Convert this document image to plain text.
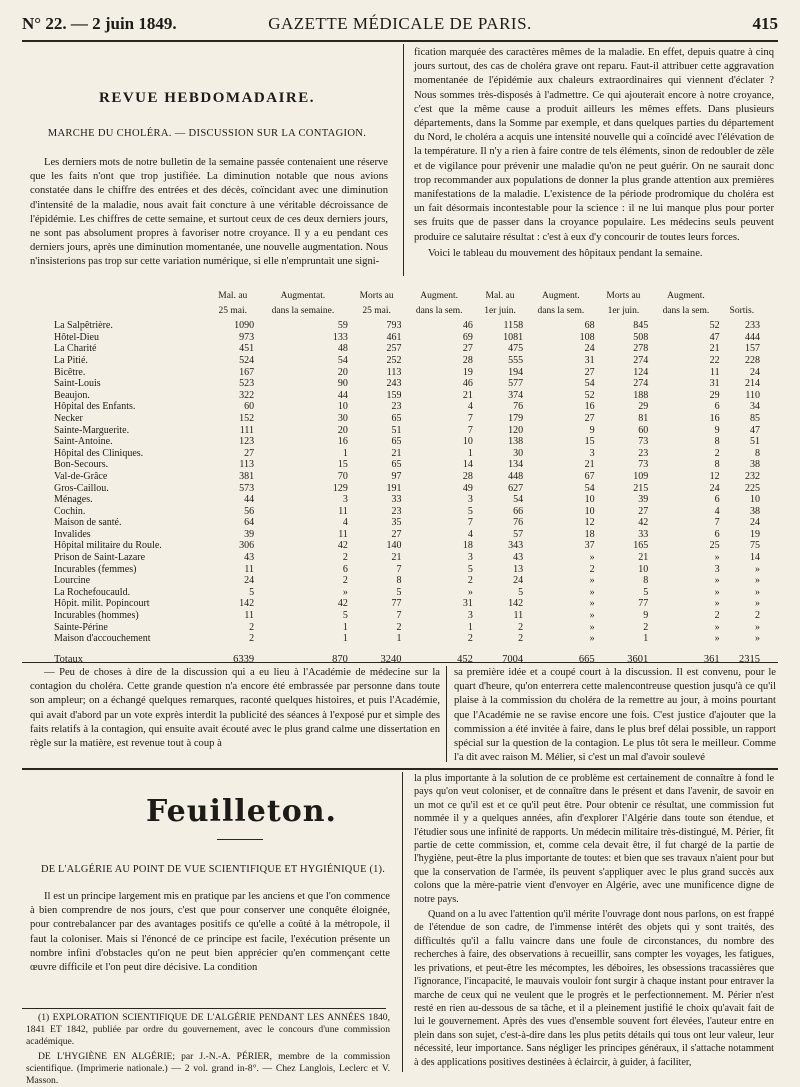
N° 22. — 2 juin 1849.	GAZETTE MÉDICALE DE PARIS.	415
REVUE HEBDOMADAIRE.
MARCHE DU CHOLÉRA. — DISCUSSION SUR LA CONTAGION.

Les derniers mots de notre bulletin de la semaine passée contenaient une réserve que les faits n'ont que trop justifiée. La diminution notable que nous avions constatée dans le chiffre des entrées et des décès, coïncidant avec une diminution d'intensité de la maladie, nous avait fait concture à une véritable décroissance de l'épidémie. Les chiffres de cette semaine, et surtout ceux de ces deux derniers jours, ne sont pas absolument propres à favoriser notre croyance. Il y a eu pendant ces derniers jours, après une diminution momentanée, une nouvelle augmentation. Nous n'insisterions pas trop sur cette variation numérique, si elle n'empruntait une signi-

fication marquée des caractères mêmes de la maladie. En effet, depuis quatre à cinq jours surtout, des cas de choléra grave ont reparu. Faut-il attribuer cette aggravation momentanée de l'épidémie aux chaleurs extraordinaires qui viennent d'éclater ? Nous sommes très-disposés à l'admettre. Ce qui ajouterait encore à notre croyance, c'est que la même cause a produit ailleurs les mêmes effets. Dans plusieurs départements, dans la Somme par exemple, et dans quelques parties du département du Nord, le choléra a acquis une intensité nouvelle qui a coïncidé avec l'élévation de la température. Il n'y a rien à faire contre de tels éléments, sinon de redoubler de zèle et de vigilance pour prévenir une maladie qu'on ne peut guérir. On ne saurait donc trop recommander aux populations de donner la plus grande attention aux premières manifestations de la maladie. L'existence de la période prodromique du choléra est un fait désormais incontestable pour la science : il ne lui manque plus pour porter ses fruits que de passer dans la croyance populaire. Les médecins seuls peuvent produire ce salutaire résultat : c'est à eux d'y concourir de toutes leurs forces.

Voici le tableau du mouvement des hôpitaux pendant la semaine.

	Mal. au	Augmentat.	Morts au	Augment.	Mal. au	Augment.	Morts au	Augment.	
	25 mai.	dans la semaine.	25 mai.	dans la sem.	1er juin.	dans la sem.	1er juin.	dans la sem.	Sortis.
La Salpêtrière.	1090	59	793	46	1158	68	845	52	233
Hôtel-Dieu	973	133	461	69	1081	108	508	47	444
La Charité	451	48	257	27	475	24	278	21	157
La Pitié.	524	54	252	28	555	31	274	22	228
Bicêtre.	167	20	113	19	194	27	124	11	24
Saint-Louis	523	90	243	46	577	54	274	31	214
Beaujon.	322	44	159	21	374	52	188	29	110
Hôpital des Enfants.	60	10	23	4	76	16	29	6	34
Necker	152	30	65	7	179	27	81	16	85
Sainte-Marguerite.	111	20	51	7	120	9	60	9	47
Saint-Antoine.	123	16	65	10	138	15	73	8	51
Hôpital des Cliniques.	27	1	21	1	30	3	23	2	8
Bon-Secours.	113	15	65	14	134	21	73	8	38
Val-de-Grâce	381	70	97	28	448	67	109	12	232
Gros-Caillou.	573	129	191	49	627	54	215	24	225
Ménages.	44	3	33	3	54	10	39	6	10
Cochin.	56	11	23	5	66	10	27	4	38
Maison de santé.	64	4	35	7	76	12	42	7	24
Invalides	39	11	27	4	57	18	33	6	19
Hôpital militaire du Roule.	306	42	140	18	343	37	165	25	75
Prison de Saint-Lazare	43	2	21	3	43	»	21	»	14
Incurables (femmes)	11	6	7	5	13	2	10	3	»
Lourcine	24	2	8	2	24	»	8	»	»
La Rochefoucauld.	5	»	5	»	5	»	5	»	»
Hôpit. milit. Popincourt	142	42	77	31	142	»	77	»	»
Incurables (hommes)	11	5	7	3	11	»	9	2	2
Sainte-Périne	2	1	2	1	2	»	2	»	»
Maison d'accouchement	2	1	1	2	2	»	1	»	»
Totaux	6339	870	3240	452	7004	665	3601	361	2315

— Peu de choses à dire de la discussion qui a eu lieu à l'Académie de médecine sur la contagion du choléra. Cette grande question n'a encore été embrassée par personne dans toute son ampleur; on a échangé quelques remarques, raconté quelques histoires, et puis l'Académie, qui avait d'abord par un vote exprès interdit la publicité des séances à l'exposé pur et simple des faits relatifs à la contagion, qui ensuite avait écouté avec le plus grand calme une dissertation en règle sur la matière, est revenue tout à coup à

sa première idée et a coupé court à la discussion. Il est convenu, pour le quart d'heure, qu'on enterrera cette malencontreuse question jusqu'à ce qu'il plaise à la commission du choléra de la remettre au jour, à moins pourtant que l'Académie ne se ravise encore une fois. C'est justice d'ajouter que la commission a été invitée à faire, dans le plus bref délai possible, un rapport spécial sur la question de la contagion. Le plus tôt sera le meilleur. Comme l'a dit avec raison M. Mélier, si c'est un mal d'avoir soulevé

Feuilleton.
DE L'ALGÉRIE AU POINT DE VUE SCIENTIFIQUE ET HYGIÉNIQUE (1).

Il est un principe largement mis en pratique par les anciens et que l'on commence à bien comprendre de nos jours, c'est que pour conserver une conquête éloignée, pour contrebalancer par des avantages positifs ce qu'elle a coûté à la métropole, il faut la coloniser. Mais si l'énoncé de ce principe est facile, l'exécution présente un nombre infini d'obstacles qu'on ne peut bien apprécier qu'en commençant cette œuvre difficile et l'on peut dire décisive. La condition

(1) EXPLORATION SCIENTIFIQUE DE L'ALGÉRIE PENDANT LES ANNÉES 1840, 1841 ET 1842, publiée par ordre du gouvernement, avec le concours d'une commission académique.

DE L'HYGIÈNE EN ALGÉRIE; par J.-N.-A. PÉRIER, membre de la commission scientifique. (Imprimerie nationale.) — 2 vol. grand in-8°. — Chez Langlois, Leclerc et V. Masson.

la plus importante à la solution de ce problème est certainement de connaître à fond le pays qu'on veut coloniser, et de connaître dans le présent et dans l'avenir, de savoir en un mot ce qu'il est et ce qu'il peut être. Pour obtenir ce résultat, une commission fut nommée il y a quelques années, afin d'explorer l'Algérie dans toute son étendue, et l'étudier sous une infinité de rapports. Un médecin militaire très-distingué, M. Périer, fit partie de cette commission, et, comme cela devait être, il fut chargé de la partie de l'hygiène, peut-être la plus importante de toutes: et bien que ses travaux n'aient pour but que la conservation de l'armée, ils peuvent s'appliquer avec le plus grand succès aux colons que la mère-patrie vient d'envoyer en Algérie, avec une munificence digne de notre pays.

Quand on a lu avec l'attention qu'il mérite l'ouvrage dont nous parlons, on est frappé de l'étendue de son cadre, de l'immense intérêt des objets qui y sont traités, des difficultés qu'il a fallu vaincre dans une foule de circonstances, du nombre des recherches à faire, des observations à recueillir, sans compter les voyages, les fatigues, les privations, et peut-être les mécomptes, les déboires, les obsessions tracassières que l'ignorance, l'incapacité, le mauvais vouloir font surgir à chaque instant pour entraver la marche de ceux qui ne veulent que le progrès et le perfectionnement. M. Périer n'est resté en rien au-dessous de sa tâche, et il a pleinement justifié le choix qu'avait fait de lui le gouvernement. Après des vues d'ensemble souvent fort élevées, l'auteur entre en plein dans son sujet, c'est-à-dire dans les plus petits détails qui tous ont leur valeur, leur nécessité, leur importance. Sans négliger les principes généraux, il s'attache notamment à des applications positives destinées à éclaircir, à guider, à faciliter,
